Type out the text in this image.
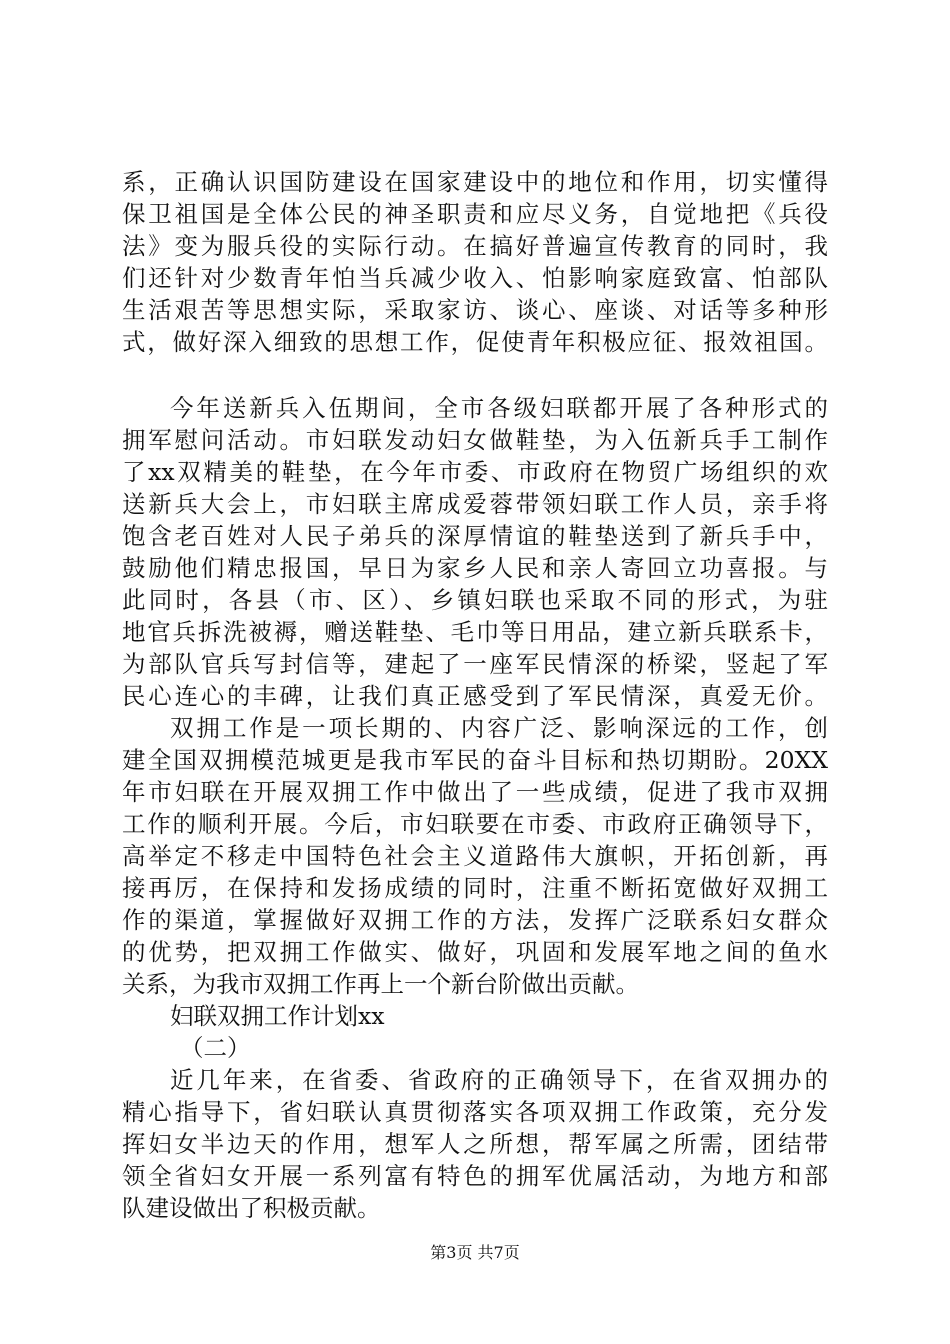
系，正确认识国防建设在国家建设中的地位和作用，切实懂得
保卫祖国是全体公民的神圣职责和应尽义务，自觉地把《兵役
法》变为服兵役的实际行动。在搞好普遍宣传教育的同时，我
们还针对少数青年怕当兵减少收入、怕影响家庭致富、怕部队
生活艰苦等思想实际，采取家访、谈心、座谈、对话等多种形
式，做好深入细致的思想工作，促使青年积极应征、报效祖国。
今年送新兵入伍期间，全市各级妇联都开展了各种形式的
拥军慰问活动。市妇联发动妇女做鞋垫，为入伍新兵手工制作
了xx双精美的鞋垫，在今年市委、市政府在物贸广场组织的欢
送新兵大会上，市妇联主席成爱蓉带领妇联工作人员，亲手将
饱含老百姓对人民子弟兵的深厚情谊的鞋垫送到了新兵手中，
鼓励他们精忠报国，早日为家乡人民和亲人寄回立功喜报。与
此同时，各县（市、区）、乡镇妇联也采取不同的形式，为驻
地官兵拆洗被褥，赠送鞋垫、毛巾等日用品，建立新兵联系卡，
为部队官兵写封信等，建起了一座军民情深的桥梁，竖起了军
民心连心的丰碑，让我们真正感受到了军民情深，真爱无价。
双拥工作是一项长期的、内容广泛、影响深远的工作，创
建全国双拥模范城更是我市军民的奋斗目标和热切期盼。20XX
年市妇联在开展双拥工作中做出了一些成绩，促进了我市双拥
工作的顺利开展。今后，市妇联要在市委、市政府正确领导下，
高举定不移走中国特色社会主义道路伟大旗帜，开拓创新，再
接再厉，在保持和发扬成绩的同时，注重不断拓宽做好双拥工
作的渠道，掌握做好双拥工作的方法，发挥广泛联系妇女群众
的优势，把双拥工作做实、做好，巩固和发展军地之间的鱼水
关系，为我市双拥工作再上一个新台阶做出贡献。
妇联双拥工作计划xx
（二）
近几年来，在省委、省政府的正确领导下，在省双拥办的
精心指导下，省妇联认真贯彻落实各项双拥工作政策，充分发
挥妇女半边天的作用，想军人之所想，帮军属之所需，团结带
领全省妇女开展一系列富有特色的拥军优属活动，为地方和部
队建设做出了积极贡献。
第3页 共7页
